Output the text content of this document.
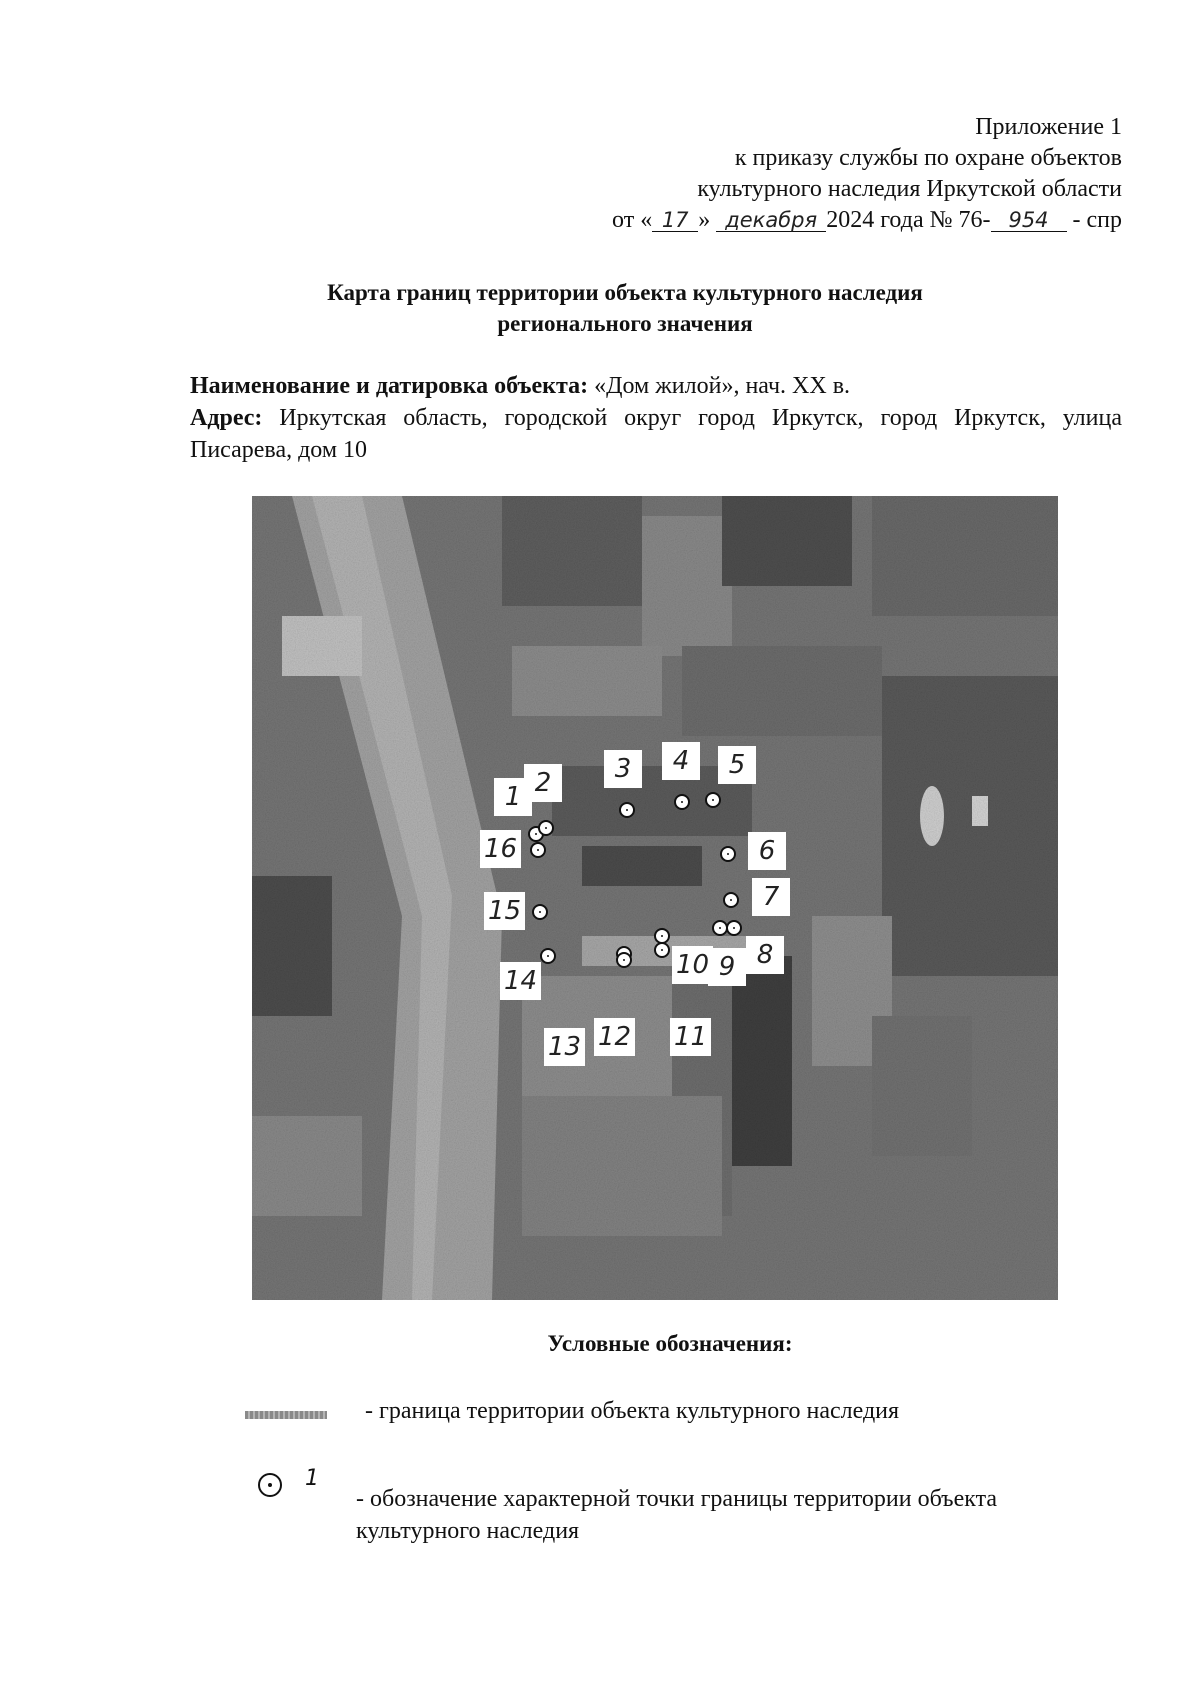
Приложение 1
к приказу службы по охране объектов
культурного наследия Иркутской области
от « 17 » декабря 2024 года № 76- 954 - спр
Карта границ территории объекта культурного наследия
регионального значения
Наименование и датировка объекта: «Дом жилой», нач. XX в.
Адрес: Иркутская область, городской округ город Иркутск, город Иркутск, улица Писарева, дом 10
1 2	3	4	5
6
7
8
9
10
11
12
13
14
15
16
Условные обозначения:
- граница территории объекта культурного наследия
1
- обозначение характерной точки границы территории объекта культурного наследия
